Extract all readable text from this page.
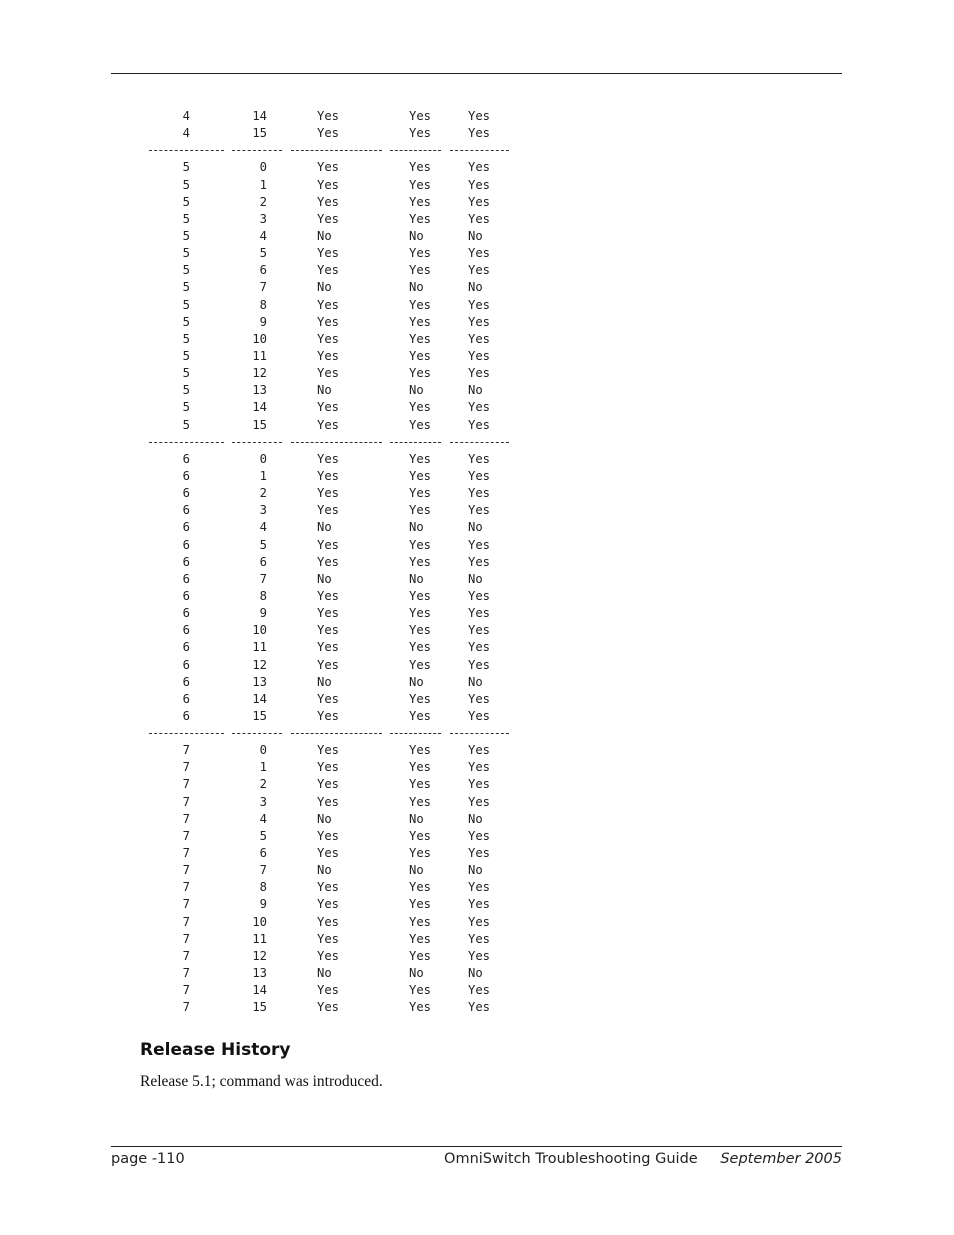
4	14	Yes	Yes	Yes
4	15	Yes	Yes	Yes
5	0	Yes	Yes	Yes
5	1	Yes	Yes	Yes
5	2	Yes	Yes	Yes
5	3	Yes	Yes	Yes
5	4	No	No	No
5	5	Yes	Yes	Yes
5	6	Yes	Yes	Yes
5	7	No	No	No
5	8	Yes	Yes	Yes
5	9	Yes	Yes	Yes
5	10	Yes	Yes	Yes
5	11	Yes	Yes	Yes
5	12	Yes	Yes	Yes
5	13	No	No	No
5	14	Yes	Yes	Yes
5	15	Yes	Yes	Yes
6	0	Yes	Yes	Yes
6	1	Yes	Yes	Yes
6	2	Yes	Yes	Yes
6	3	Yes	Yes	Yes
6	4	No	No	No
6	5	Yes	Yes	Yes
6	6	Yes	Yes	Yes
6	7	No	No	No
6	8	Yes	Yes	Yes
6	9	Yes	Yes	Yes
6	10	Yes	Yes	Yes
6	11	Yes	Yes	Yes
6	12	Yes	Yes	Yes
6	13	No	No	No
6	14	Yes	Yes	Yes
6	15	Yes	Yes	Yes
7	0	Yes	Yes	Yes
7	1	Yes	Yes	Yes
7	2	Yes	Yes	Yes
7	3	Yes	Yes	Yes
7	4	No	No	No
7	5	Yes	Yes	Yes
7	6	Yes	Yes	Yes
7	7	No	No	No
7	8	Yes	Yes	Yes
7	9	Yes	Yes	Yes
7	10	Yes	Yes	Yes
7	11	Yes	Yes	Yes
7	12	Yes	Yes	Yes
7	13	No	No	No
7	14	Yes	Yes	Yes
7	15	Yes	Yes	Yes
Release History

Release 5.1; command was introduced.

page -110	OmniSwitch Troubleshooting Guide September 2005
